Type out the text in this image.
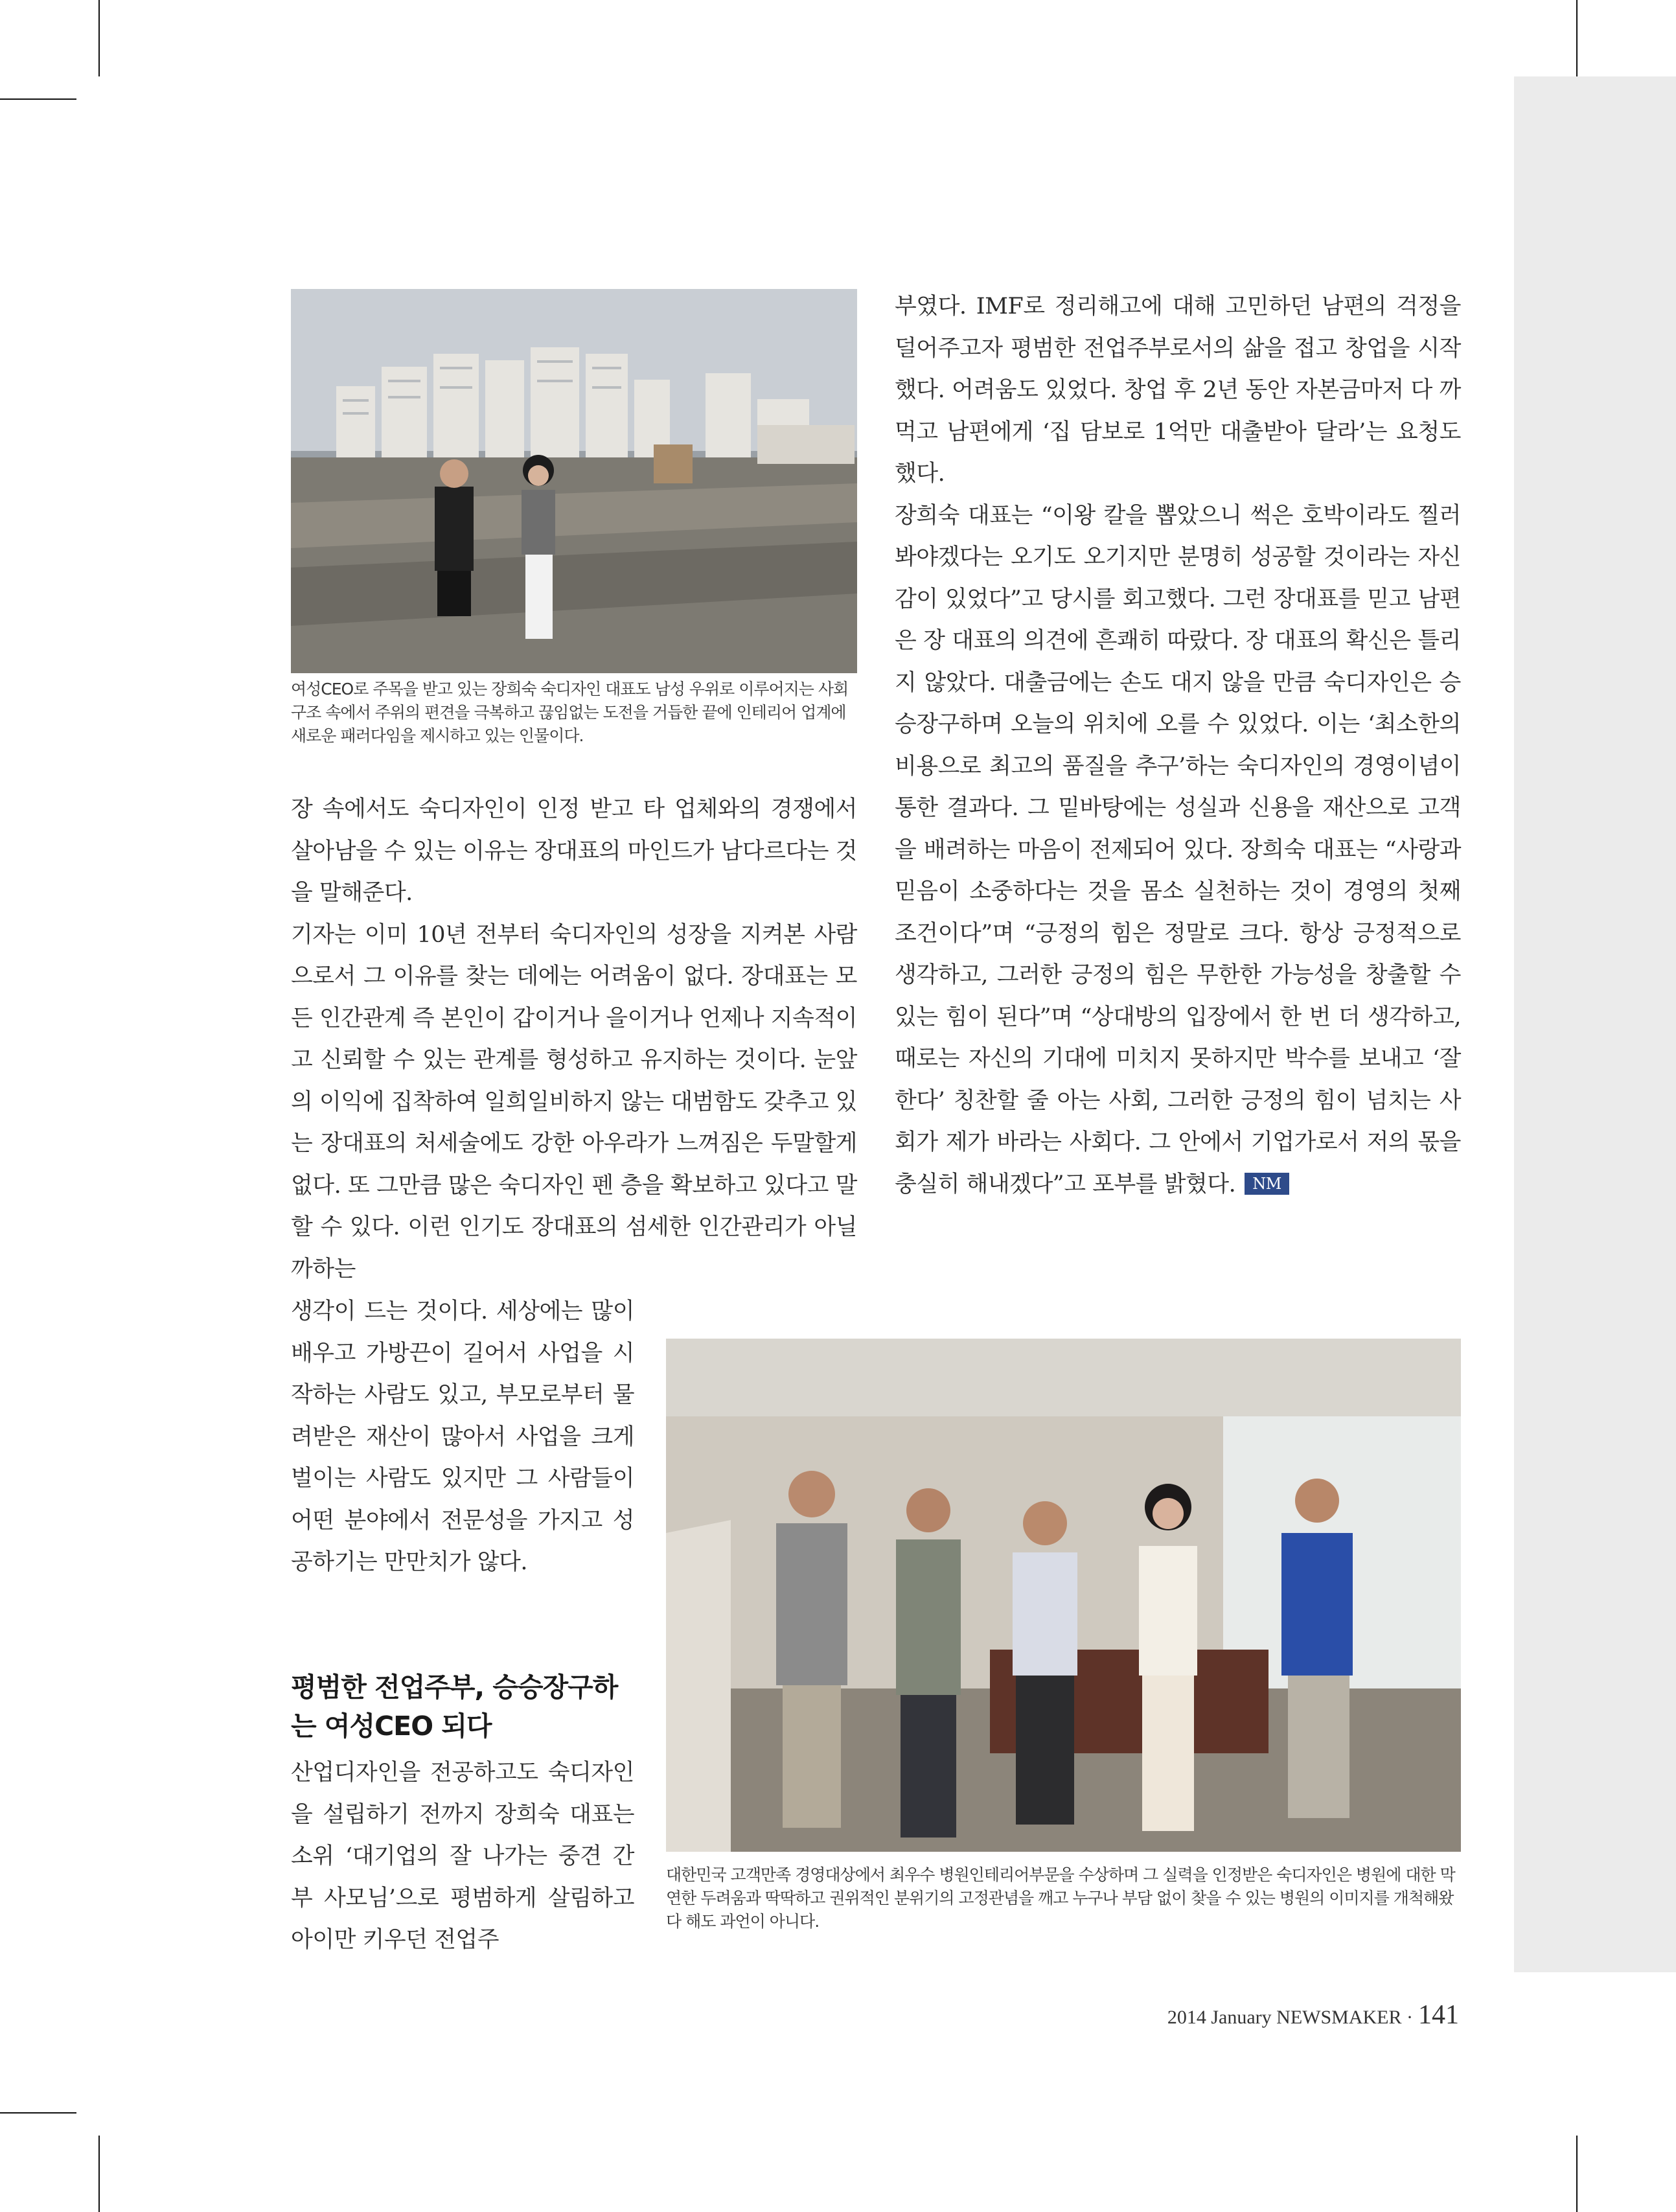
여성CEO로 주목을 받고 있는 장희숙 숙디자인 대표도 남성 우위로 이루어지는 사회 구조 속에서 주위의 편견을 극복하고 끊임없는 도전을 거듭한 끝에 인테리어 업계에 새로운 패러다임을 제시하고 있는 인물이다.

장 속에서도 숙디자인이 인정 받고 타 업체와의 경쟁에서 살아남을 수 있는 이유는 장대표의 마인드가 남다르다는 것을 말해준다.

기자는 이미 10년 전부터 숙디자인의 성장을 지켜본 사람으로서 그 이유를 찾는 데에는 어려움이 없다. 장대표는 모든 인간관계 즉 본인이 갑이거나 을이거나 언제나 지속적이고 신뢰할 수 있는 관계를 형성하고 유지하는 것이다. 눈앞의 이익에 집착하여 일희일비하지 않는 대범함도 갖추고 있는 장대표의 처세술에도 강한 아우라가 느껴짐은 두말할게 없다. 또 그만큼 많은 숙디자인 펜 층을 확보하고 있다고 말할 수 있다. 이런 인기도 장대표의 섬세한 인간관리가 아닐까하는

생각이 드는 것이다. 세상에는 많이 배우고 가방끈이 길어서 사업을 시작하는 사람도 있고, 부모로부터 물려받은 재산이 많아서 사업을 크게 벌이는 사람도 있지만 그 사람들이 어떤 분야에서 전문성을 가지고 성공하기는 만만치가 않다.

평범한 전업주부, 승승장구하는 여성CEO 되다

산업디자인을 전공하고도 숙디자인을 설립하기 전까지 장희숙 대표는 소위 ‘대기업의 잘 나가는 중견 간부 사모님’으로 평범하게 살림하고 아이만 키우던 전업주

부였다. IMF로 정리해고에 대해 고민하던 남편의 걱정을 덜어주고자 평범한 전업주부로서의 삶을 접고 창업을 시작했다. 어려움도 있었다. 창업 후 2년 동안 자본금마저 다 까먹고 남편에게 ‘집 담보로 1억만 대출받아 달라’는 요청도 했다.

장희숙 대표는 “이왕 칼을 뽑았으니 썩은 호박이라도 찔러봐야겠다는 오기도 오기지만 분명히 성공할 것이라는 자신감이 있었다”고 당시를 회고했다. 그런 장대표를 믿고 남편은 장 대표의 의견에 흔쾌히 따랐다. 장 대표의 확신은 틀리지 않았다. 대출금에는 손도 대지 않을 만큼 숙디자인은 승승장구하며 오늘의 위치에 오를 수 있었다. 이는 ‘최소한의 비용으로 최고의 품질을 추구’하는 숙디자인의 경영이념이 통한 결과다. 그 밑바탕에는 성실과 신용을 재산으로 고객을 배려하는 마음이 전제되어 있다. 장희숙 대표는 “사랑과 믿음이 소중하다는 것을 몸소 실천하는 것이 경영의 첫째 조건이다”며 “긍정의 힘은 정말로 크다. 항상 긍정적으로 생각하고, 그러한 긍정의 힘은 무한한 가능성을 창출할 수 있는 힘이 된다”며 “상대방의 입장에서 한 번 더 생각하고, 때로는 자신의 기대에 미치지 못하지만 박수를 보내고 ‘잘한다’ 칭찬할 줄 아는 사회, 그러한 긍정의 힘이 넘치는 사회가 제가 바라는 사회다. 그 안에서 기업가로서 저의 몫을 충실히 해내겠다”고 포부를 밝혔다. NM

대한민국 고객만족 경영대상에서 최우수 병원인테리어부문을 수상하며 그 실력을 인정받은 숙디자인은 병원에 대한 막연한 두려움과 딱딱하고 권위적인 분위기의 고정관념을 깨고 누구나 부담 없이 찾을 수 있는 병원의 이미지를 개척해왔다 해도 과언이 아니다.

2014 January NEWSMAKER · 141
